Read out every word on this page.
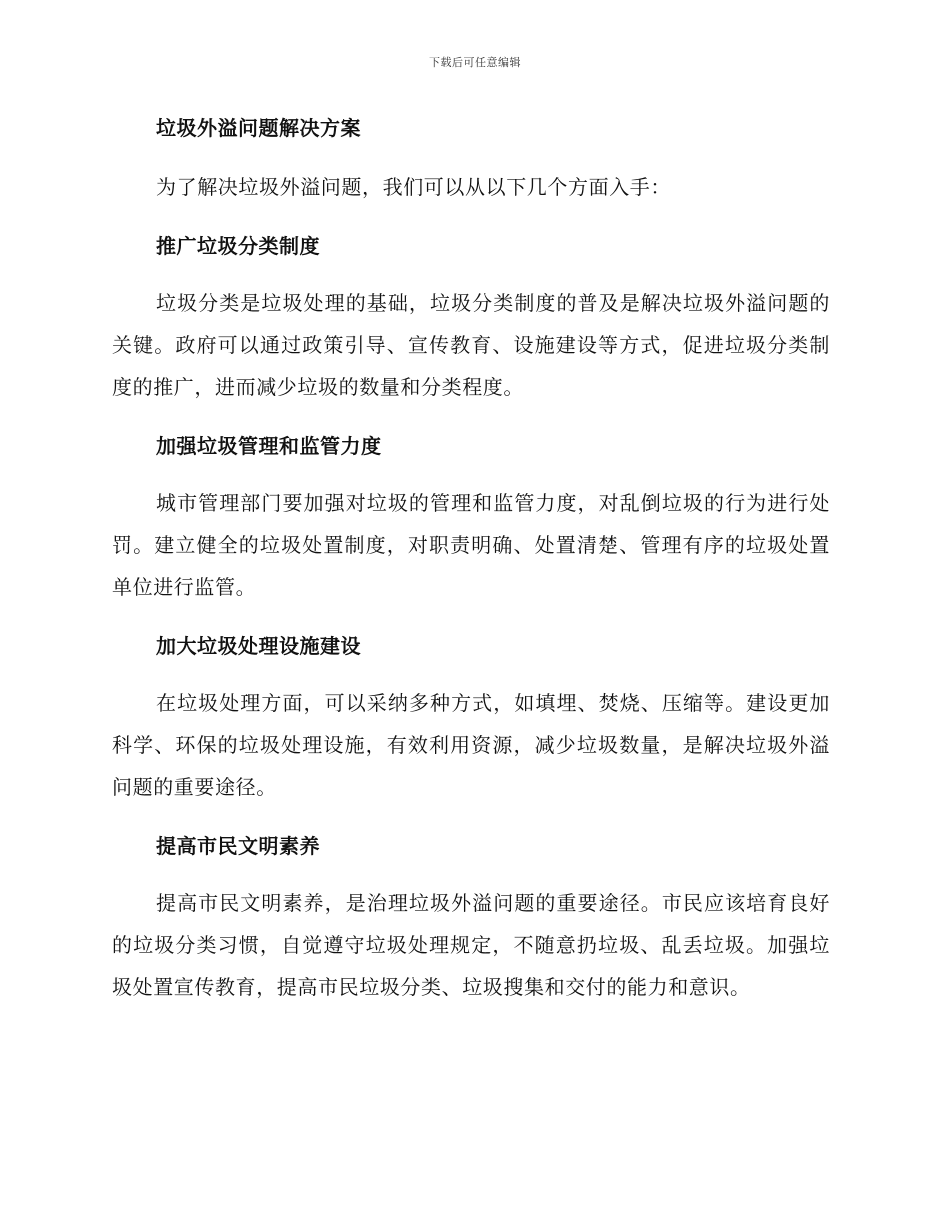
下载后可任意编辑
垃圾外溢问题解决方案

为了解决垃圾外溢问题，我们可以从以下几个方面入手：

推广垃圾分类制度

垃圾分类是垃圾处理的基础，垃圾分类制度的普及是解决垃圾外溢问题的关键。政府可以通过政策引导、宣传教育、设施建设等方式，促进垃圾分类制度的推广，进而减少垃圾的数量和分类程度。

加强垃圾管理和监管力度

城市管理部门要加强对垃圾的管理和监管力度，对乱倒垃圾的行为进行处罚。建立健全的垃圾处置制度，对职责明确、处置清楚、管理有序的垃圾处置单位进行监管。

加大垃圾处理设施建设

在垃圾处理方面，可以采纳多种方式，如填埋、焚烧、压缩等。建设更加科学、环保的垃圾处理设施，有效利用资源，减少垃圾数量，是解决垃圾外溢问题的重要途径。

提高市民文明素养

提高市民文明素养，是治理垃圾外溢问题的重要途径。市民应该培育良好的垃圾分类习惯，自觉遵守垃圾处理规定，不随意扔垃圾、乱丢垃圾。加强垃圾处置宣传教育，提高市民垃圾分类、垃圾搜集和交付的能力和意识。
